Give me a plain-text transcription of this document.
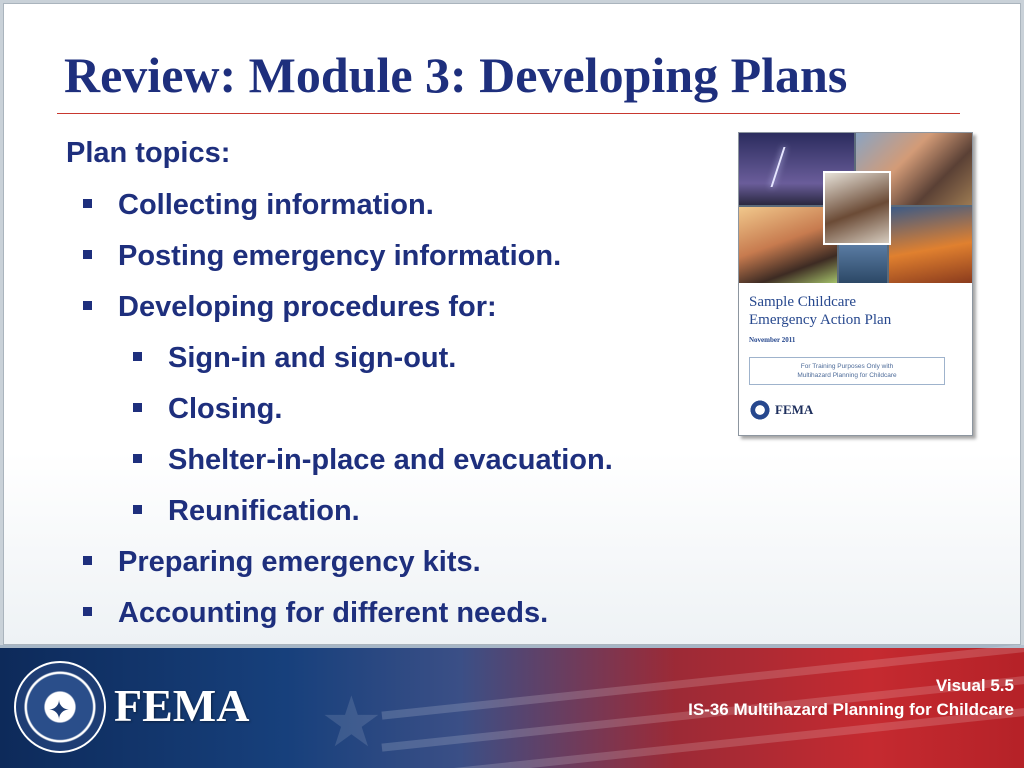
Review: Module 3: Developing Plans

Plan topics:

Collecting information.
Posting emergency information.
Developing procedures for:
Sign-in and sign-out.
Closing.
Shelter-in-place and evacuation.
Reunification.
Preparing emergency kits.
Accounting for different needs.
Sample Childcare
Emergency Action Plan
November 2011
For Training Purposes Only with
Multihazard Planning for Childcare
FEMA
★
✦ FEMA	Visual 5.5
IS-36 Multihazard Planning for Childcare
